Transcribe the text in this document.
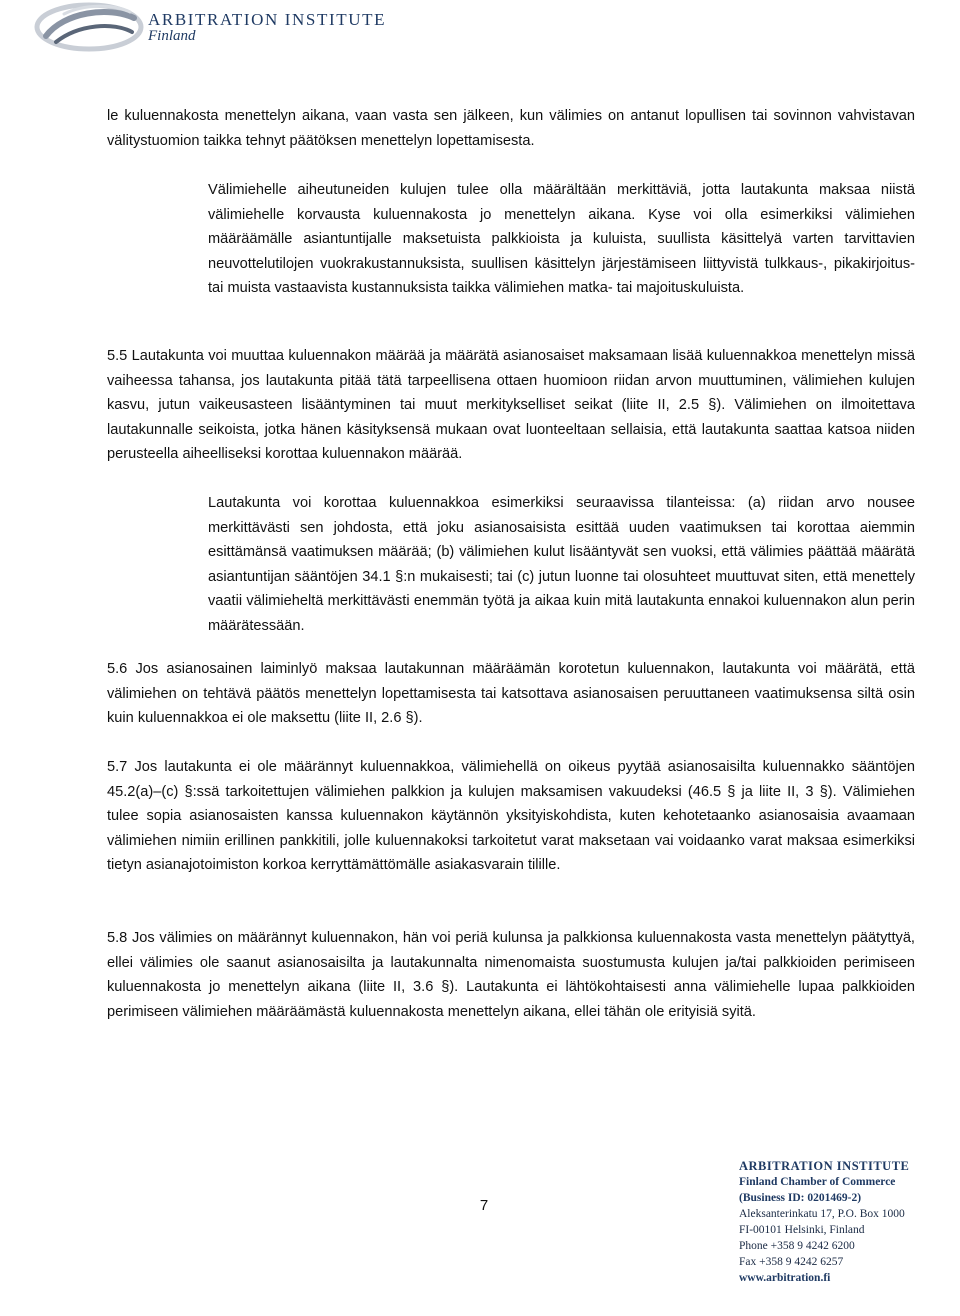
ARBITRATION INSTITUTE
Finland

le kuluennakosta menettelyn aikana, vaan vasta sen jälkeen, kun välimies on antanut lopullisen tai sovinnon vahvistavan välitystuomion taikka tehnyt päätöksen menettelyn lopettamisesta.

Välimiehelle aiheutuneiden kulujen tulee olla määrältään merkittäviä, jotta lautakunta maksaa niistä välimiehelle korvausta kuluennakosta jo menettelyn aikana. Kyse voi olla esimerkiksi välimiehen määräämälle asiantuntijalle maksetuista palkkioista ja kuluista, suullista käsittelyä varten tarvittavien neuvottelutilojen vuokrakustannuksista, suullisen käsittelyn järjestämiseen liittyvistä tulkkaus-, pikakirjoitus- tai muista vastaavista kustannuksista taikka välimiehen matka- tai majoituskuluista.

5.5 Lautakunta voi muuttaa kuluennakon määrää ja määrätä asianosaiset maksamaan lisää kuluennakkoa menettelyn missä vaiheessa tahansa, jos lautakunta pitää tätä tarpeellisena ottaen huomioon riidan arvon muuttuminen, välimiehen kulujen kasvu, jutun vaikeusasteen lisääntyminen tai muut merkitykselliset seikat (liite II, 2.5 §). Välimiehen on ilmoitettava lautakunnalle seikoista, jotka hänen käsityksensä mukaan ovat luonteeltaan sellaisia, että lautakunta saattaa katsoa niiden perusteella aiheelliseksi korottaa kuluennakon määrää.

Lautakunta voi korottaa kuluennakkoa esimerkiksi seuraavissa tilanteissa: (a) riidan arvo nousee merkittävästi sen johdosta, että joku asianosaisista esittää uuden vaatimuksen tai korottaa aiemmin esittämänsä vaatimuksen määrää; (b) välimiehen kulut lisääntyvät sen vuoksi, että välimies päättää määrätä asiantuntijan sääntöjen 34.1 §:n mukaisesti; tai (c) jutun luonne tai olosuhteet muuttuvat siten, että menettely vaatii välimieheltä merkittävästi enemmän työtä ja aikaa kuin mitä lautakunta ennakoi kuluennakon alun perin määrätessään.

5.6 Jos asianosainen laiminlyö maksaa lautakunnan määräämän korotetun kuluennakon, lautakunta voi määrätä, että välimiehen on tehtävä päätös menettelyn lopettamisesta tai katsottava asianosaisen peruuttaneen vaatimuksensa siltä osin kuin kuluennakkoa ei ole maksettu (liite II, 2.6 §).

5.7 Jos lautakunta ei ole määrännyt kuluennakkoa, välimiehellä on oikeus pyytää asianosaisilta kuluennakko sääntöjen 45.2(a)–(c) §:ssä tarkoitettujen välimiehen palkkion ja kulujen maksamisen vakuudeksi (46.5 § ja liite II, 3 §). Välimiehen tulee sopia asianosaisten kanssa kuluennakon käytännön yksityiskohdista, kuten kehotetaanko asianosaisia avaamaan välimiehen nimiin erillinen pankkitili, jolle kuluennakoksi tarkoitetut varat maksetaan vai voidaanko varat maksaa esimerkiksi tietyn asianajotoimiston korkoa kerryttämättömälle asiakasvarain tilille.

5.8 Jos välimies on määrännyt kuluennakon, hän voi periä kulunsa ja palkkionsa kuluennakosta vasta menettelyn päätyttyä, ellei välimies ole saanut asianosaisilta ja lautakunnalta nimenomaista suostumusta kulujen ja/tai palkkioiden perimiseen kuluennakosta jo menettelyn aikana (liite II, 3.6 §). Lautakunta ei lähtökohtaisesti anna välimiehelle lupaa palkkioiden perimiseen välimiehen määräämästä kuluennakosta menettelyn aikana, ellei tähän ole erityisiä syitä.

7
ARBITRATION INSTITUTE
Finland Chamber of Commerce
(Business ID: 0201469-2)
Aleksanterinkatu 17, P.O. Box 1000
FI-00101 Helsinki, Finland
Phone +358 9 4242 6200
Fax +358 9 4242 6257
www.arbitration.fi
